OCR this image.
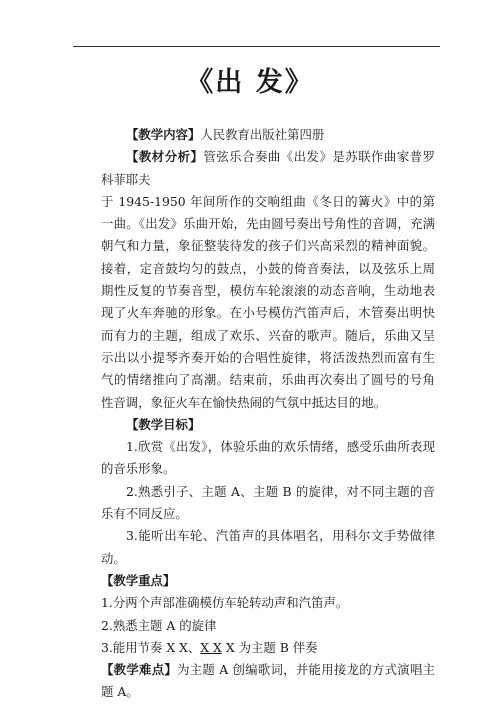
《出 发》

【教学内容】人民教育出版社第四册

【教材分析】管弦乐合奏曲《出发》是苏联作曲家普罗科菲耶夫

于 1945-1950 年间所作的交响组曲《冬日的篝火》中的第一曲。《出发》乐曲开始，先由圆号奏出号角性的音调，充满朝气和力量，象征整装待发的孩子们兴高采烈的精神面貌。接着，定音鼓均匀的鼓点，小鼓的倚音奏法，以及弦乐上周期性反复的节奏音型，模仿车轮滚滚的动态音响，生动地表现了火车奔驰的形象。在小号模仿汽笛声后，木管奏出明快而有力的主题，组成了欢乐、兴奋的歌声。随后，乐曲又呈示出以小提琴齐奏开始的合唱性旋律，将活泼热烈而富有生气的情绪推向了高潮。结束前，乐曲再次奏出了圆号的号角性音调，象征火车在愉快热闹的气氛中抵达目的地。

【教学目标】

1.欣赏《出发》，体验乐曲的欢乐情绪，感受乐曲所表现的音乐形象。

2.熟悉引子、主题 A、主题 B 的旋律，对不同主题的音乐有不同反应。

3.能听出车轮、汽笛声的具体唱名，用科尔文手势做律动。

【教学重点】

1.分两个声部准确模仿车轮转动声和汽笛声。

2.熟悉主题 A 的旋律

3.能用节奏 X X、X X X 为主题 B 伴奏

【教学难点】为主题 A 创编歌词，并能用接龙的方式演唱主题 A。
